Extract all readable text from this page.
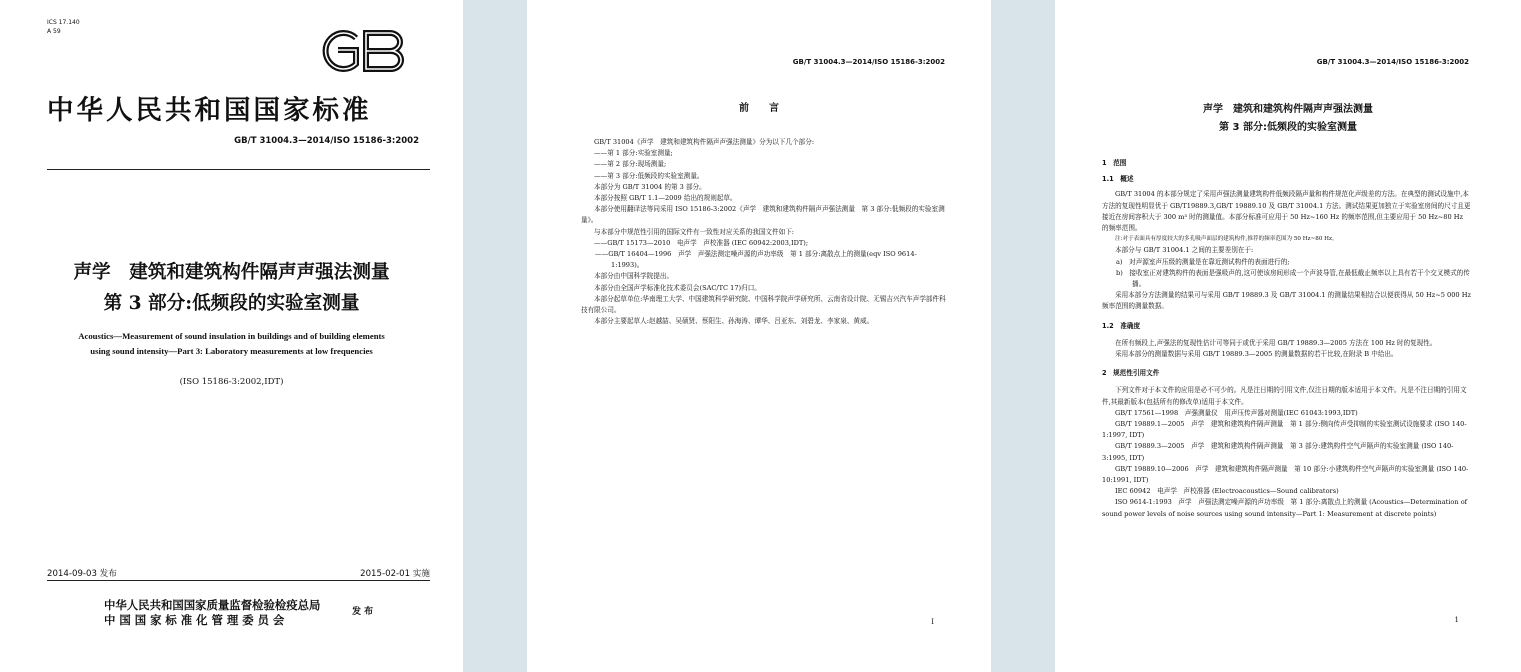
ICS 17.140
A 59
中华人民共和国国家标准
GB/T 31004.3—2014/ISO 15186-3:2002
声学　建筑和建筑构件隔声声强法测量
第 3 部分:低频段的实验室测量
Acoustics—Measurement of sound insulation in buildings and of building elements
using sound intensity—Part 3: Laboratory measurements at low frequencies
(ISO 15186-3:2002,IDT)
2014-09-03 发布	2015-02-01 实施
中华人民共和国国家质量监督检验检疫总局
中 国 国 家 标 准 化 管 理 委 员 会
发 布
GB/T 31004.3—2014/ISO 15186-3:2002
前　　言

GB/T 31004《声学　建筑和建筑构件隔声声强法测量》分为以下几个部分:

——第 1 部分:实验室测量;

——第 2 部分:现场测量;

——第 3 部分:低频段的实验室测量。

本部分为 GB/T 31004 的第 3 部分。

本部分按照 GB/T 1.1—2009 给出的规则起草。

本部分使用翻译法等同采用 ISO 15186-3:2002《声学　建筑和建筑构件隔声声强法测量　第 3 部分:低频段的实验室测量》。

与本部分中规范性引用的国际文件有一致性对应关系的我国文件如下:

——GB/T 15173—2010　电声学　声校准器 (IEC 60942:2003,IDT);

——GB/T 16404—1996　声学　声强法测定噪声源的声功率级　第 1 部分:离散点上的测量(eqv ISO 9614-1:1993)。

本部分由中国科学院提出。

本部分由全国声学标准化技术委员会(SAC/TC 17)归口。

本部分起草单位:华南理工大学、中国建筑科学研究院、中国科学院声学研究所、云南省设计院、无锡吉兴汽车声学部件科技有限公司。

本部分主要起草人:赵越喆、吴硕贤、蔡阳生、孙海涛、谭华、吕亚东、刘碧龙、李家泉、黄威。

I
GB/T 31004.3—2014/ISO 15186-3:2002
声学　建筑和建筑构件隔声声强法测量
第 3 部分:低频段的实验室测量

1　范围

1.1　概述

GB/T 31004 的本部分规定了采用声强法测量建筑构件低频段隔声量和构件规范化声级差的方法。在典型的测试设施中,本方法的复现性明显优于 GB/T19889.3,GB/T 19889.10 及 GB/T 31004.1 方法。测试结果更加独立于实验室房间的尺寸且更接近在房间容积大于 300 m³ 时的测量值。本部分标准可应用于 50 Hz~160 Hz 的频率范围,但主要应用于 50 Hz~80 Hz 的频率范围。

注:对于表面具有厚度较大的多孔吸声面层的建筑构件,推荐的频率范围为 50 Hz~80 Hz。

本部分与 GB/T 31004.1 之间的主要差别在于:

a)　对声源室声压级的测量是在靠近测试构件的表面进行的;

b)　接收室正对建筑构件的表面是强吸声的,这可使该房间形成一个声波导管,在最低截止频率以上具有若干个交叉模式的传播。

采用本部分方法测量的结果可与采用 GB/T 19889.3 及 GB/T 31004.1 的测量结果相结合以便获得从 50 Hz~5 000 Hz 频率范围的测量数据。

1.2　准确度

在所有频段上,声强法的复现性估计可等同于或优于采用 GB/T 19889.3—2005 方法在 100 Hz 时的复现性。

采用本部分的测量数据与采用 GB/T 19889.3—2005 的测量数据的若干比较,在附录 B 中给出。

2　规范性引用文件

下列文件对于本文件的应用是必不可少的。凡是注日期的引用文件,仅注日期的版本适用于本文件。凡是不注日期的引用文件,其最新版本(包括所有的修改单)适用于本文件。

GB/T 17561—1998　声强测量仪　用声压传声器对测量(IEC 61043:1993,IDT)

GB/T 19889.1—2005　声学　建筑和建筑构件隔声测量　第 1 部分:侧向传声受抑制的实验室测试设施要求 (ISO 140-1:1997, IDT)

GB/T 19889.3—2005　声学　建筑和建筑构件隔声测量　第 3 部分:建筑构件空气声隔声的实验室测量 (ISO 140-3:1995, IDT)

GB/T 19889.10—2006　声学　建筑和建筑构件隔声测量　第 10 部分:小建筑构件空气声隔声的实验室测量 (ISO 140-10:1991, IDT)

IEC 60942　电声学　声校准器 (Electroacoustics—Sound calibrators)

ISO 9614-1:1993　声学　声强法测定噪声源的声功率级　第 1 部分:离散点上的测量 (Acoustics—Determination of sound power levels of noise sources using sound intensity—Part 1: Measurement at discrete points)

1
